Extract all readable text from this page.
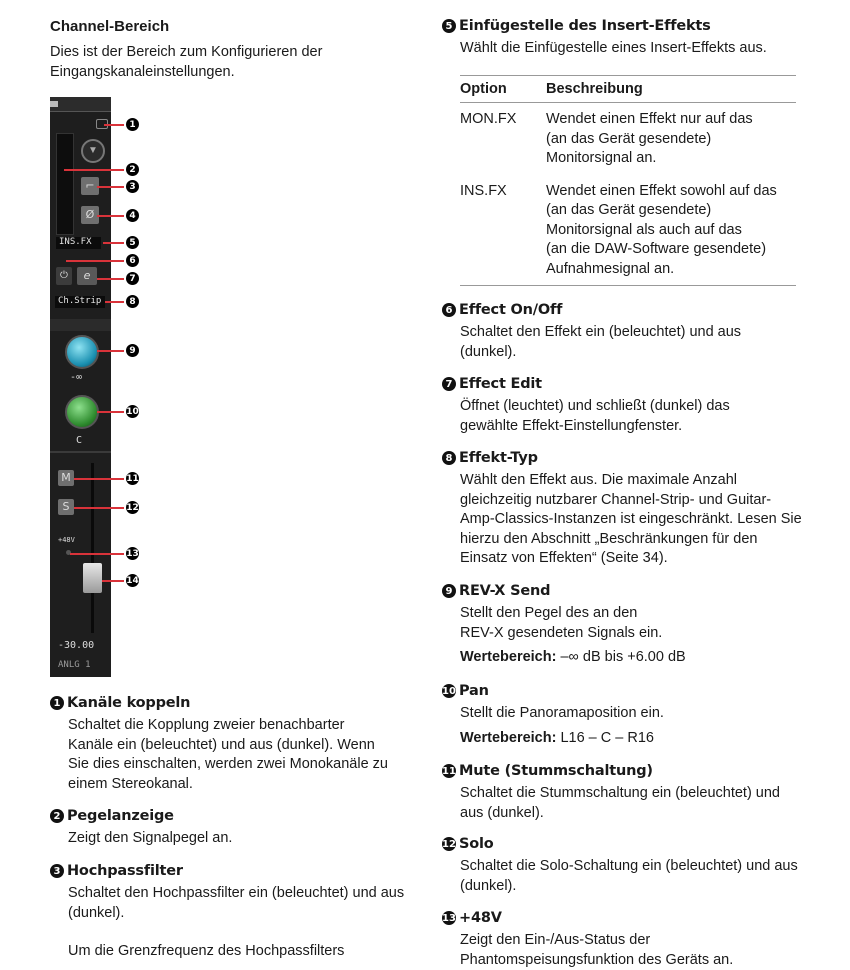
Channel-Bereich

Dies ist der Bereich zum Konfigurieren der Eingangskanaleinstellungen.

1 Kanäle koppeln

Schaltet die Kopplung zweier benachbarter Kanäle ein (beleuchtet) und aus (dunkel). Wenn Sie dies einschalten, werden zwei Monokanäle zu einem Stereokanal.

2 Pegelanzeige

Zeigt den Signalpegel an.

3 Hochpassfilter

Schaltet den Hochpassfilter ein (beleuchtet) und aus (dunkel).

Um die Grenzfrequenz des Hochpassfilters

▼
⌐
Ø
INS.FX
⏻	e
Ch.Strip
-∞
C
M
S
+48V
-30.00
ANLG 1
1
2
3
4
5
6
7
8
9
10
11
12
13
14
5 Einfügestelle des Insert-Effekts

Wählt die Einfügestelle eines Insert-Effekts aus.

Option	Beschreibung
MON.FX	Wendet einen Effekt nur auf das
(an das Gerät gesendete)
Monitorsignal an.

INS.FX	Wendet einen Effekt sowohl auf das
(an das Gerät gesendete)
Monitorsignal als auch auf das
(an die DAW-Software gesendete)
Aufnahmesignal an.
6 Effect On/Off

Schaltet den Effekt ein (beleuchtet) und aus (dunkel).

7 Effect Edit

Öffnet (leuchtet) und schließt (dunkel) das gewählte Effekt-Einstellungfenster.

8 Effekt-Typ

Wählt den Effekt aus. Die maximale Anzahl gleichzeitig nutzbarer Channel-Strip- und Guitar-Amp-Classics-Instanzen ist eingeschränkt. Lesen Sie hierzu den Abschnitt „Beschränkungen für den Einsatz von Effekten“ (Seite 34).

9 REV-X Send

Stellt den Pegel des an den REV-X gesendeten Signals ein.

Wertebereich: –∞ dB bis +6.00 dB

10 Pan

Stellt die Panoramaposition ein.

Wertebereich: L16 – C – R16

11 Mute (Stummschaltung)

Schaltet die Stummschaltung ein (beleuchtet) und aus (dunkel).

12 Solo

Schaltet die Solo-Schaltung ein (beleuchtet) und aus (dunkel).

13 +48V

Zeigt den Ein-/Aus-Status der Phantomspeisungsfunktion des Geräts an.
